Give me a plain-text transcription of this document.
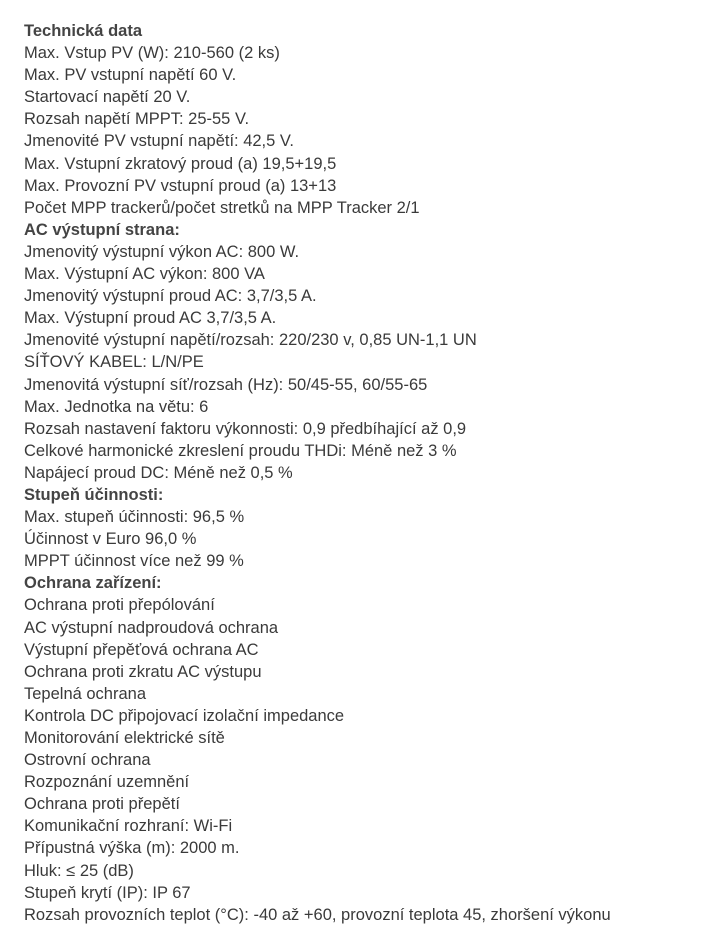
Technická data
Max. Vstup PV (W): 210-560 (2 ks)
Max. PV vstupní napětí 60 V.
Startovací napětí 20 V.
Rozsah napětí MPPT: 25-55 V.
Jmenovité PV vstupní napětí: 42,5 V.
Max. Vstupní zkratový proud (a) 19,5+19,5
Max. Provozní PV vstupní proud (a) 13+13
Počet MPP trackerů/počet stretků na MPP Tracker 2/1
AC výstupní strana:
Jmenovitý výstupní výkon AC: 800 W.
Max. Výstupní AC výkon: 800 VA
Jmenovitý výstupní proud AC: 3,7/3,5 A.
Max. Výstupní proud AC 3,7/3,5 A.
Jmenovité výstupní napětí/rozsah: 220/230 v, 0,85 UN-1,1 UN
SÍŤOVÝ KABEL: L/N/PE
Jmenovitá výstupní síť/rozsah (Hz): 50/45-55, 60/55-65
Max. Jednotka na větu: 6
Rozsah nastavení faktoru výkonnosti: 0,9 předbíhající až 0,9
Celkové harmonické zkreslení proudu THDi: Méně než 3 %
Napájecí proud DC: Méně než 0,5 %
Stupeň účinnosti:
Max. stupeň účinnosti: 96,5 %
Účinnost v Euro 96,0 %
MPPT účinnost více než 99 %
Ochrana zařízení:
Ochrana proti přepólování
AC výstupní nadproudová ochrana
Výstupní přepěťová ochrana AC
Ochrana proti zkratu AC výstupu
Tepelná ochrana
Kontrola DC připojovací izolační impedance
Monitorování elektrické sítě
Ostrovní ochrana
Rozpoznání uzemnění
Ochrana proti přepětí
Komunikační rozhraní: Wi-Fi
Přípustná výška (m): 2000 m.
Hluk: ≤ 25 (dB)
Stupeň krytí (IP): IP 67
Rozsah provozních teplot (°C): -40 až +60, provozní teplota 45, zhoršení výkonu
